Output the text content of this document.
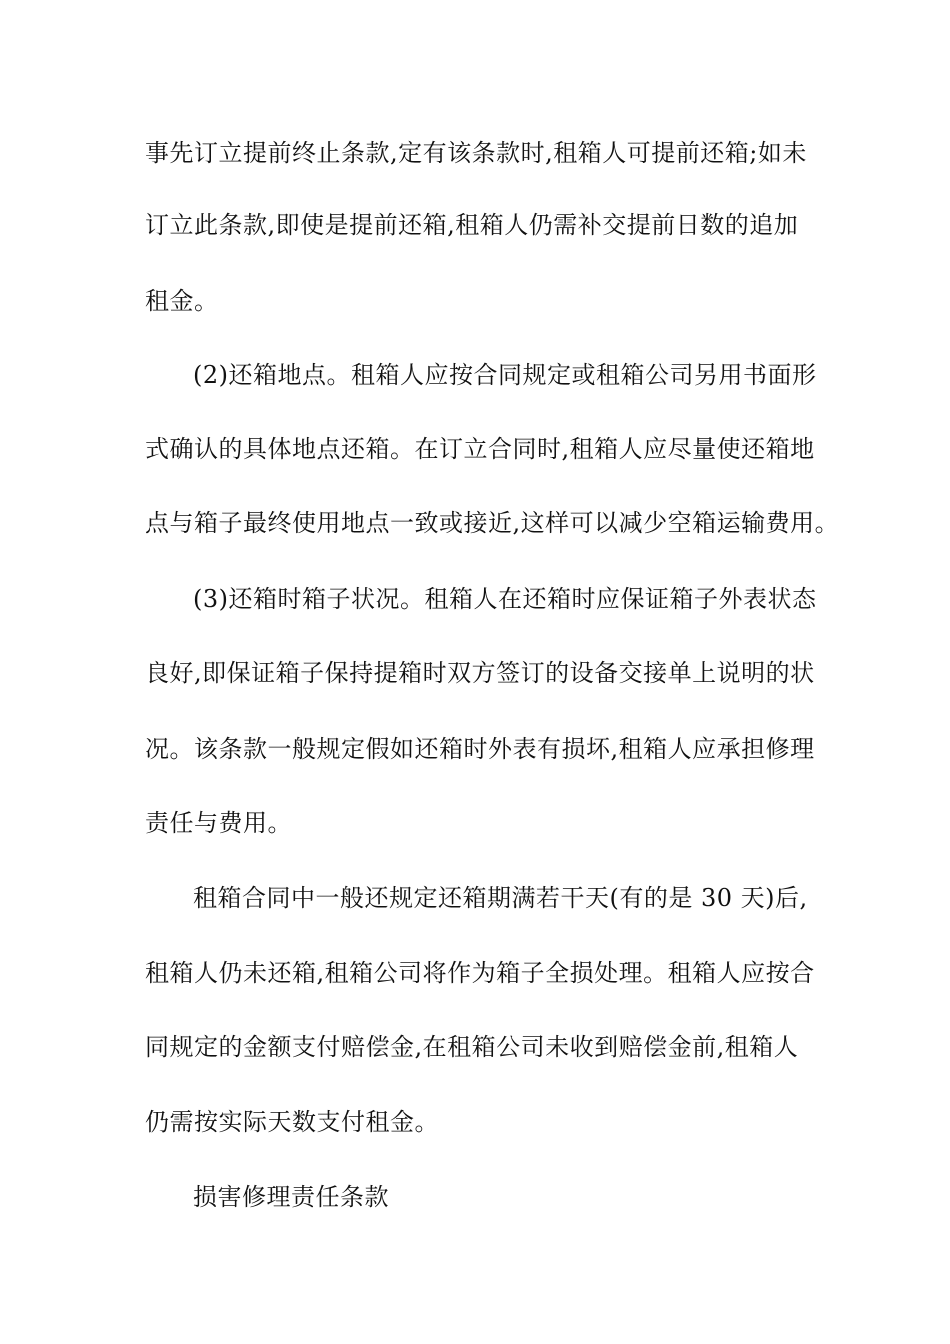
事先订立提前终止条款,定有该条款时,租箱人可提前还箱;如未

订立此条款,即使是提前还箱,租箱人仍需补交提前日数的追加

租金。

(2)还箱地点。租箱人应按合同规定或租箱公司另用书面形

式确认的具体地点还箱。在订立合同时,租箱人应尽量使还箱地

点与箱子最终使用地点一致或接近,这样可以减少空箱运输费用。

(3)还箱时箱子状况。租箱人在还箱时应保证箱子外表状态

良好,即保证箱子保持提箱时双方签订的设备交接单上说明的状

况。该条款一般规定假如还箱时外表有损坏,租箱人应承担修理

责任与费用。

租箱合同中一般还规定还箱期满若干天(有的是 30 天)后,

租箱人仍未还箱,租箱公司将作为箱子全损处理。租箱人应按合

同规定的金额支付赔偿金,在租箱公司未收到赔偿金前,租箱人

仍需按实际天数支付租金。

损害修理责任条款
